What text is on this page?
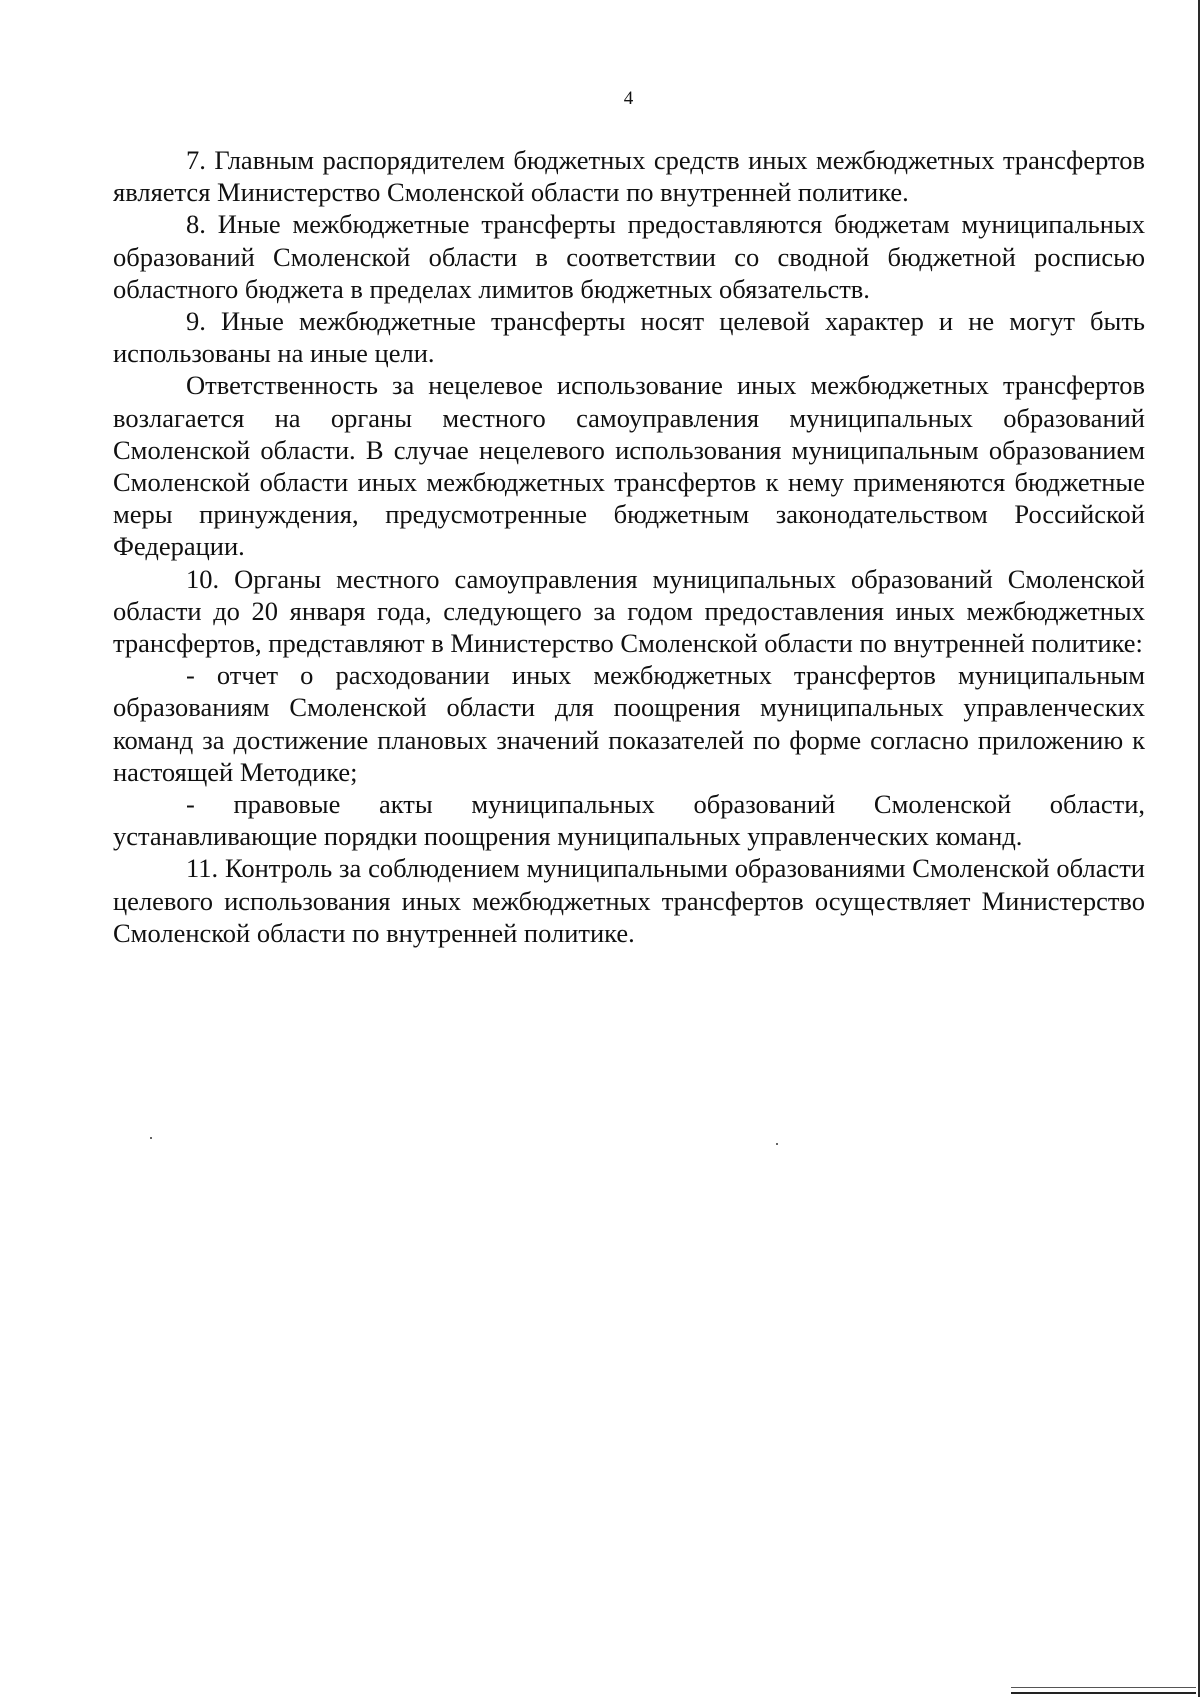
4

7. Главным распорядителем бюджетных средств иных межбюджетных трансфертов является Министерство Смоленской области по внутренней политике.

8. Иные межбюджетные трансферты предоставляются бюджетам муниципальных образований Смоленской области в соответствии со сводной бюджетной росписью областного бюджета в пределах лимитов бюджетных обязательств.

9. Иные межбюджетные трансферты носят целевой характер и не могут быть использованы на иные цели.

Ответственность за нецелевое использование иных межбюджетных трансфертов возлагается на органы местного самоуправления муниципальных образований Смоленской области. В случае нецелевого использования муниципальным образованием Смоленской области иных межбюджетных трансфертов к нему применяются бюджетные меры принуждения, предусмотренные бюджетным законодательством Российской Федерации.

10. Органы местного самоуправления муниципальных образований Смоленской области до 20 января года, следующего за годом предоставления иных межбюджетных трансфертов, представляют в Министерство Смоленской области по внутренней политике:

- отчет о расходовании иных межбюджетных трансфертов муниципальным образованиям Смоленской области для поощрения муниципальных управленческих команд за достижение плановых значений показателей по форме согласно приложению к настоящей Методике;

- правовые акты муниципальных образований Смоленской области, устанавливающие порядки поощрения муниципальных управленческих команд.

11. Контроль за соблюдением муниципальными образованиями Смоленской области целевого использования иных межбюджетных трансфертов осуществляет Министерство Смоленской области по внутренней политике.
